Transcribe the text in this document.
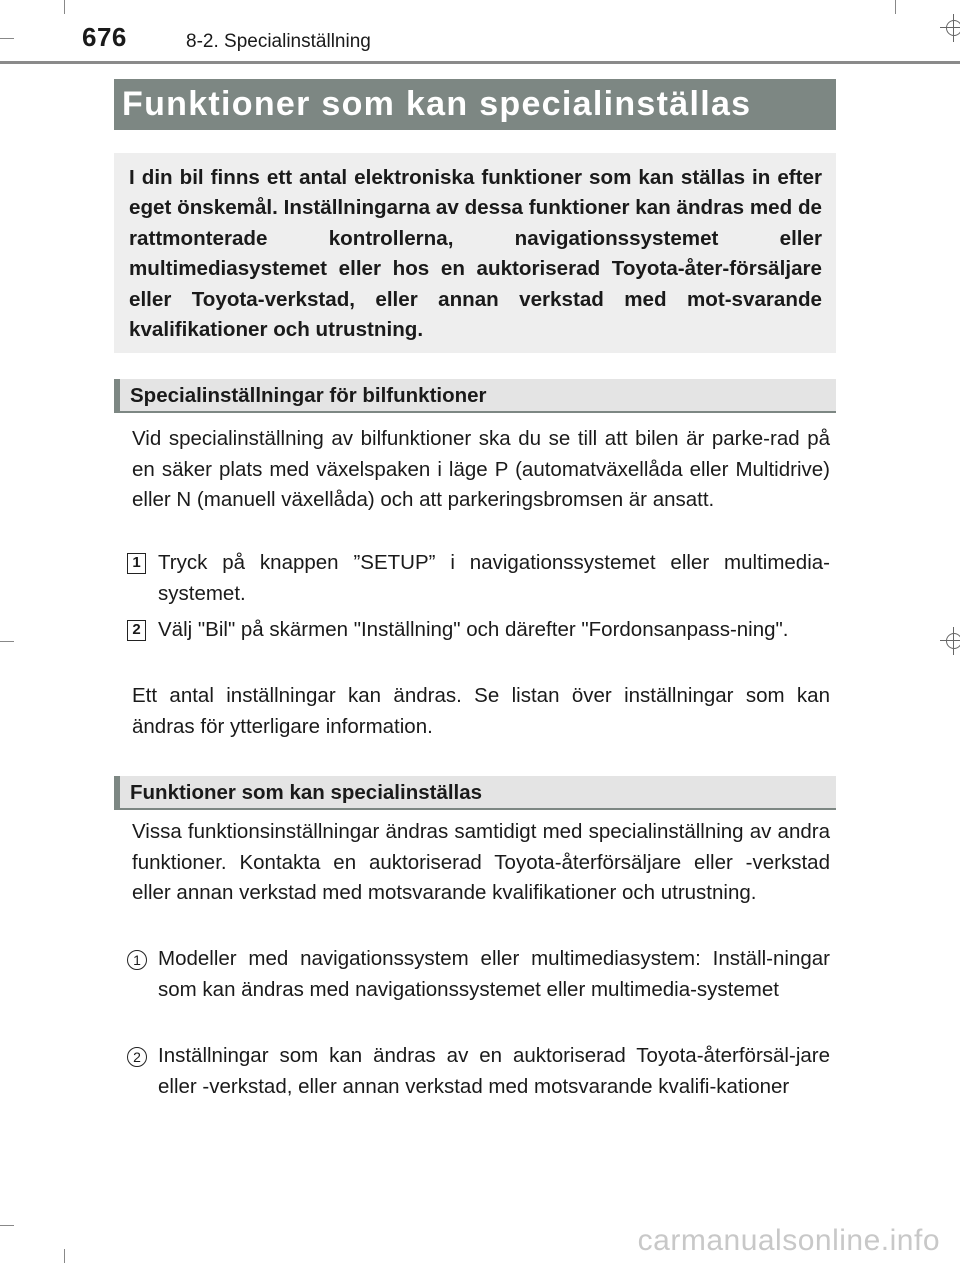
676	8-2. Specialinställning
Funktioner som kan specialinställas
I din bil finns ett antal elektroniska funktioner som kan ställas in efter eget önskemål. Inställningarna av dessa funktioner kan ändras med de rattmonterade kontrollerna, navigationssystemet eller multimediasystemet eller hos en auktoriserad Toyota-åter-försäljare eller Toyota-verkstad, eller annan verkstad med mot-svarande kvalifikationer och utrustning.
Specialinställningar för bilfunktioner
Vid specialinställning av bilfunktioner ska du se till att bilen är parke-rad på en säker plats med växelspaken i läge P (automatväxellåda eller Multidrive) eller N (manuell växellåda) och att parkeringsbromsen är ansatt.
1 Tryck på knappen ”SETUP” i navigationssystemet eller multimedia-systemet.
2 Välj "Bil" på skärmen "Inställning" och därefter "Fordonsanpass-ning".
Ett antal inställningar kan ändras. Se listan över inställningar som kan ändras för ytterligare information.
Funktioner som kan specialinställas
Vissa funktionsinställningar ändras samtidigt med specialinställning av andra funktioner. Kontakta en auktoriserad Toyota-återförsäljare eller -verkstad eller annan verkstad med motsvarande kvalifikationer och utrustning.
1 Modeller med navigationssystem eller multimediasystem: Inställ-ningar som kan ändras med navigationssystemet eller multimedia-systemet
2 Inställningar som kan ändras av en auktoriserad Toyota-återförsäl-jare eller -verkstad, eller annan verkstad med motsvarande kvalifi-kationer
carmanualsonline.info
